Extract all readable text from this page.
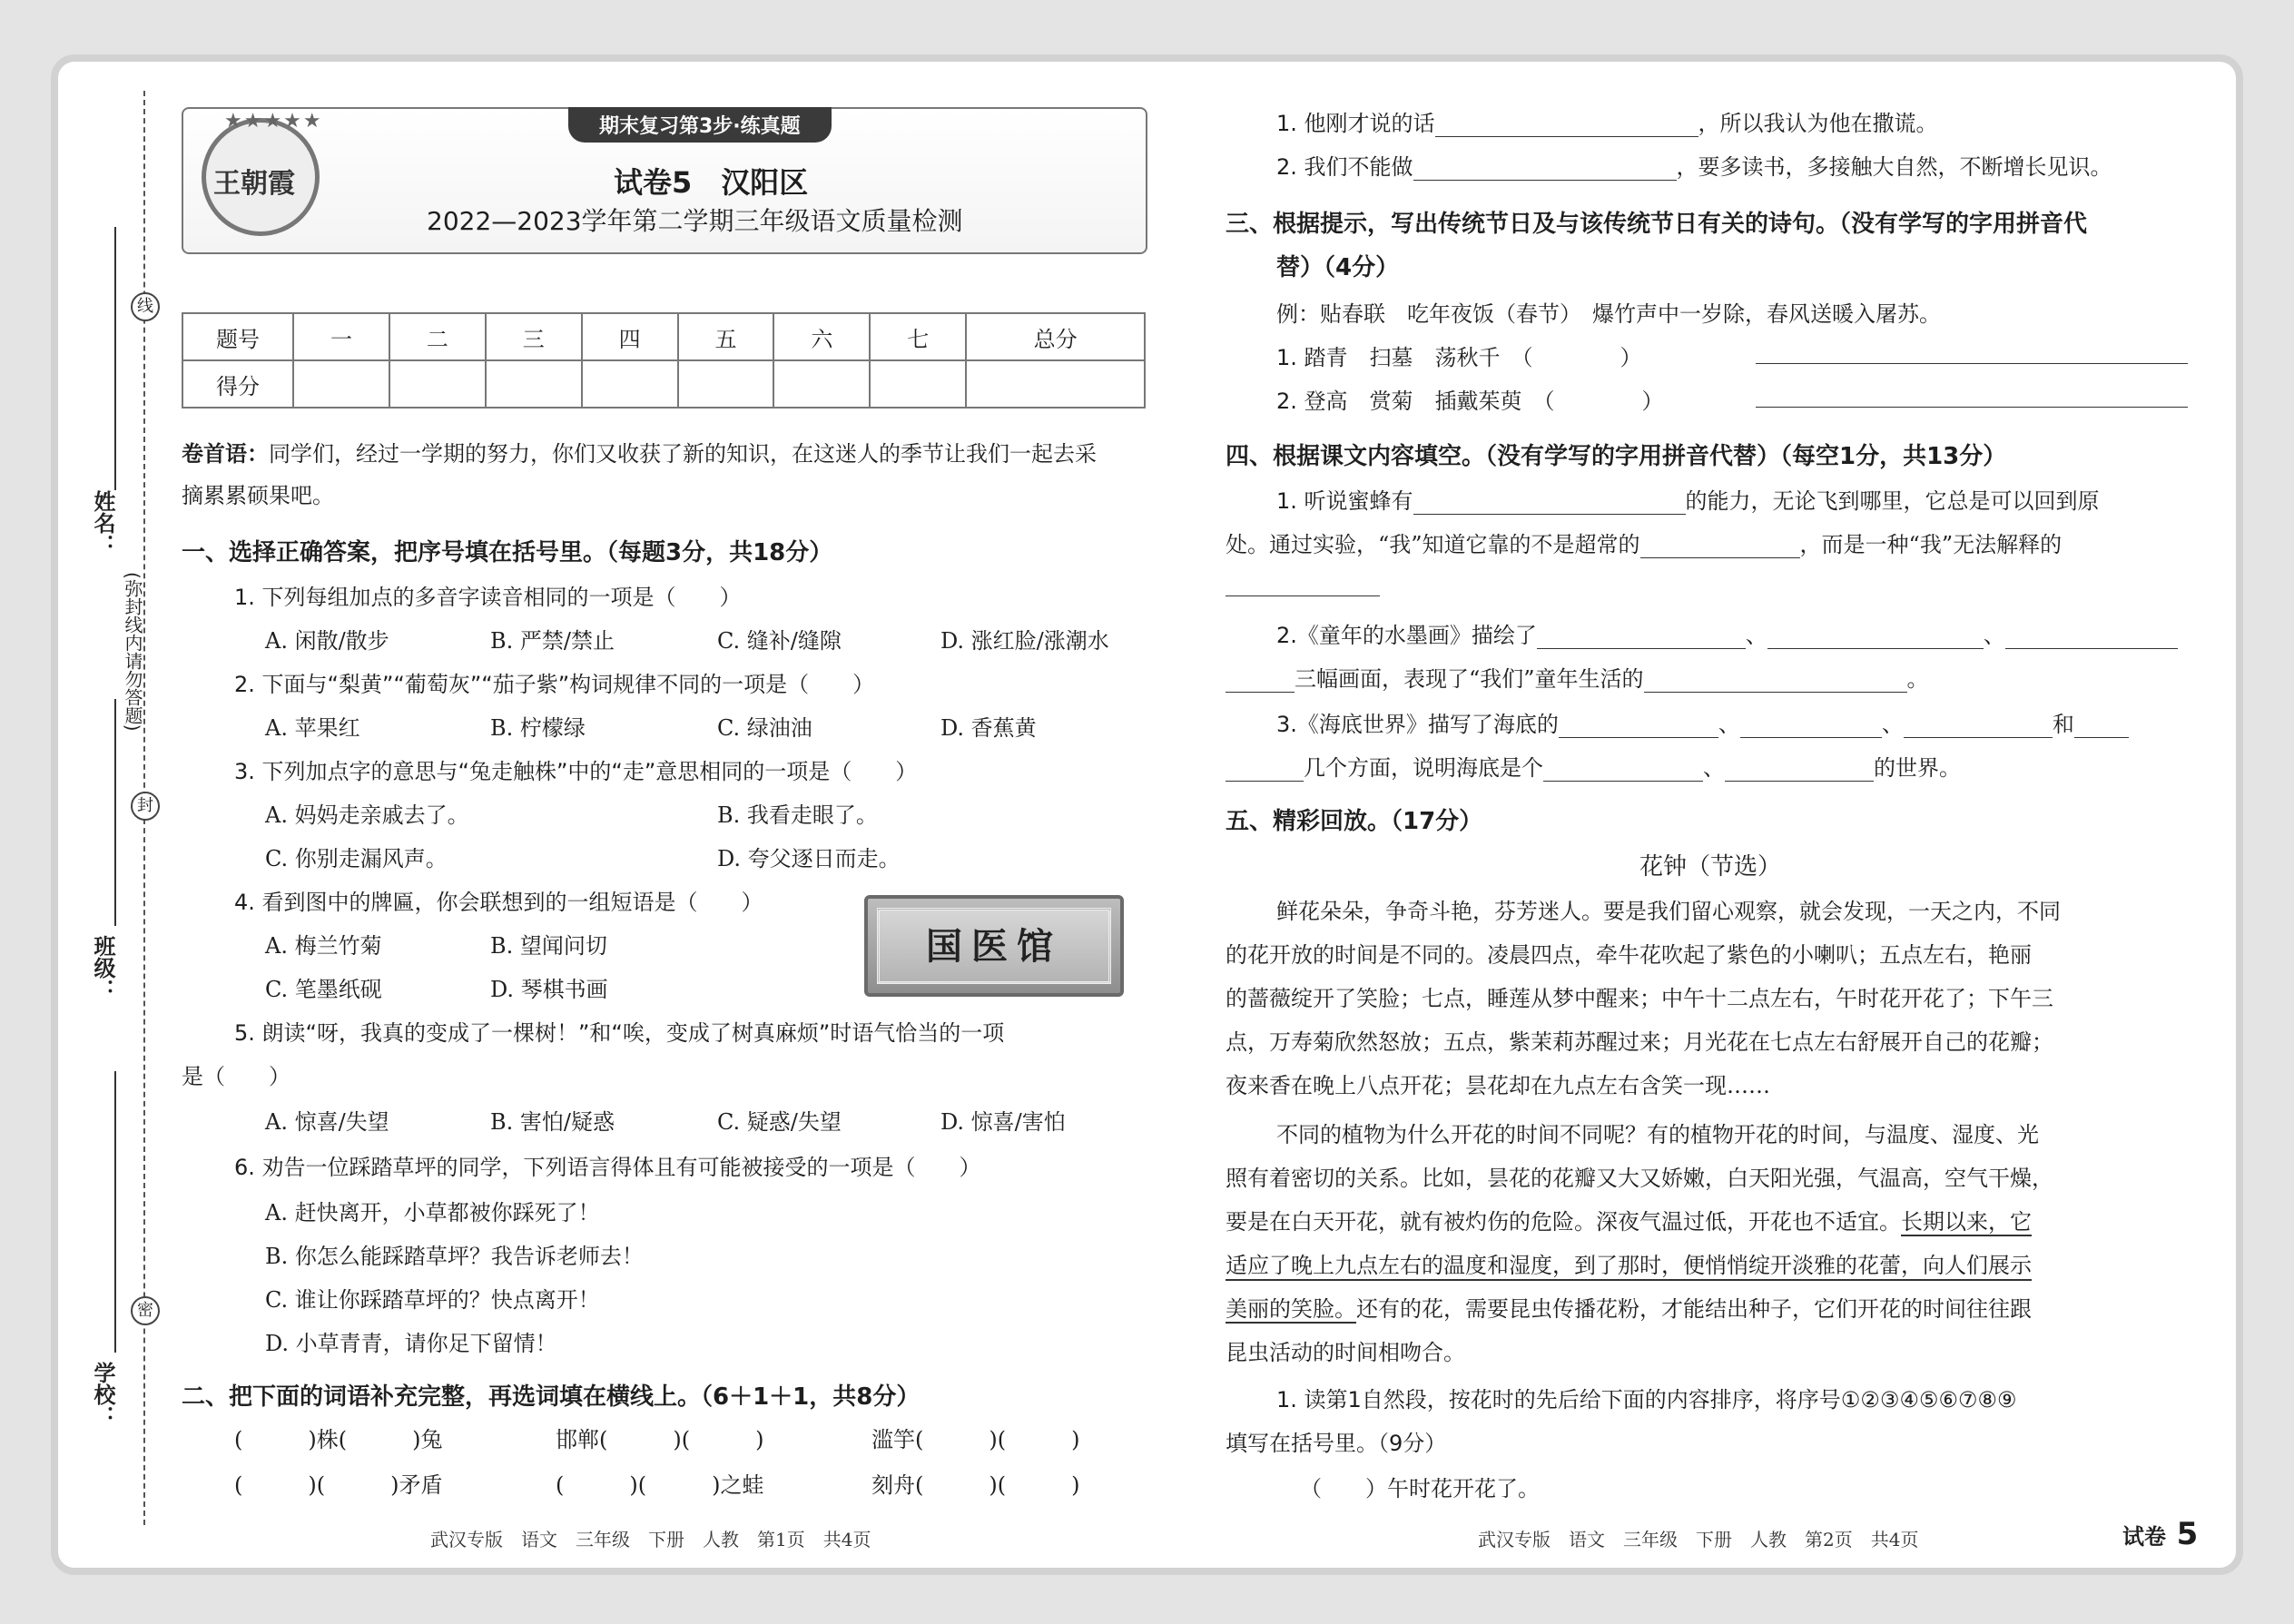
线
封
密
(弥封线内请勿答题)
姓名：
班级：
学校：
★★★★★
王朝霞
期末复习第3步·练真题
试卷5　汉阳区
2022—2023学年第二学期三年级语文质量检测
题号	一	二	三	四	五	六	七	总分
得分								
卷首语：同学们，经过一学期的努力，你们又收获了新的知识，在这迷人的季节让我们一起去采
摘累累硕果吧。
一、选择正确答案，把序号填在括号里。（每题3分，共18分）
1. 下列每组加点的多音字读音相同的一项是（　　）
A. 闲散/散步	B. 严禁/禁止	C. 缝补/缝隙	D. 涨红脸/涨潮水
2. 下面与“梨黄”“葡萄灰”“茄子紫”构词规律不同的一项是（　　）
A. 苹果红	B. 柠檬绿	C. 绿油油	D. 香蕉黄
3. 下列加点字的意思与“兔走触株”中的“走”意思相同的一项是（　　）
A. 妈妈走亲戚去了。	B. 我看走眼了。
C. 你别走漏风声。	D. 夸父逐日而走。
4. 看到图中的牌匾，你会联想到的一组短语是（　　）
A. 梅兰竹菊	B. 望闻问切
C. 笔墨纸砚	D. 琴棋书画
国医馆
5. 朗读“呀，我真的变成了一棵树！”和“唉，变成了树真麻烦”时语气恰当的一项
是（　　）
A. 惊喜/失望	B. 害怕/疑惑	C. 疑惑/失望	D. 惊喜/害怕
6. 劝告一位踩踏草坪的同学，下列语言得体且有可能被接受的一项是（　　）
A. 赶快离开，小草都被你踩死了！
B. 你怎么能踩踏草坪？我告诉老师去！
C. 谁让你踩踏草坪的？快点离开！
D. 小草青青，请你足下留情！
二、把下面的词语补充完整，再选词填在横线上。（6＋1＋1，共8分）
(　　　)株(　　　)兔	邯郸(　　　)(　　　)	滥竽(　　　)(　　　)
(　　　)(　　　)矛盾	(　　　)(　　　)之蛙	刻舟(　　　)(　　　)
武汉专版　语文　三年级　下册　人教　第1页　共4页
1. 他刚才说的话	，所以我认为他在撒谎。
2. 我们不能做	，要多读书，多接触大自然，不断增长见识。
三、根据提示，写出传统节日及与该传统节日有关的诗句。（没有学写的字用拼音代
替）（4分）
例：贴春联　吃年夜饭（春节）　爆竹声中一岁除，春风送暖入屠苏。
1. 踏青　扫墓　荡秋千　（　　　　）
2. 登高　赏菊　插戴茱萸　（　　　　）
四、根据课文内容填空。（没有学写的字用拼音代替）（每空1分，共13分）
1. 听说蜜蜂有	的能力，无论飞到哪里，它总是可以回到原
处。通过实验，“我”知道它靠的不是超常的	，而是一种“我”无法解释的
2.《童年的水墨画》描绘了	、	、
三幅画面，表现了“我们”童年生活的	。
3.《海底世界》描写了海底的	、	、	和
几个方面，说明海底是个	、	的世界。
五、精彩回放。（17分）
花钟（节选）
鲜花朵朵，争奇斗艳，芬芳迷人。要是我们留心观察，就会发现，一天之内，不同
的花开放的时间是不同的。凌晨四点，牵牛花吹起了紫色的小喇叭；五点左右，艳丽
的蔷薇绽开了笑脸；七点，睡莲从梦中醒来；中午十二点左右，午时花开花了；下午三
点，万寿菊欣然怒放；五点，紫茉莉苏醒过来；月光花在七点左右舒展开自己的花瓣；
夜来香在晚上八点开花；昙花却在九点左右含笑一现……
不同的植物为什么开花的时间不同呢？有的植物开花的时间，与温度、湿度、光
照有着密切的关系。比如，昙花的花瓣又大又娇嫩，白天阳光强，气温高，空气干燥，
要是在白天开花，就有被灼伤的危险。深夜气温过低，开花也不适宜。长期以来，它
适应了晚上九点左右的温度和湿度，到了那时，便悄悄绽开淡雅的花蕾，向人们展示
美丽的笑脸。还有的花，需要昆虫传播花粉，才能结出种子，它们开花的时间往往跟
昆虫活动的时间相吻合。
1. 读第1自然段，按花时的先后给下面的内容排序，将序号①②③④⑤⑥⑦⑧⑨
填写在括号里。（9分）
（　　）午时花开花了。
武汉专版　语文　三年级　下册　人教　第2页　共4页	试卷 5
